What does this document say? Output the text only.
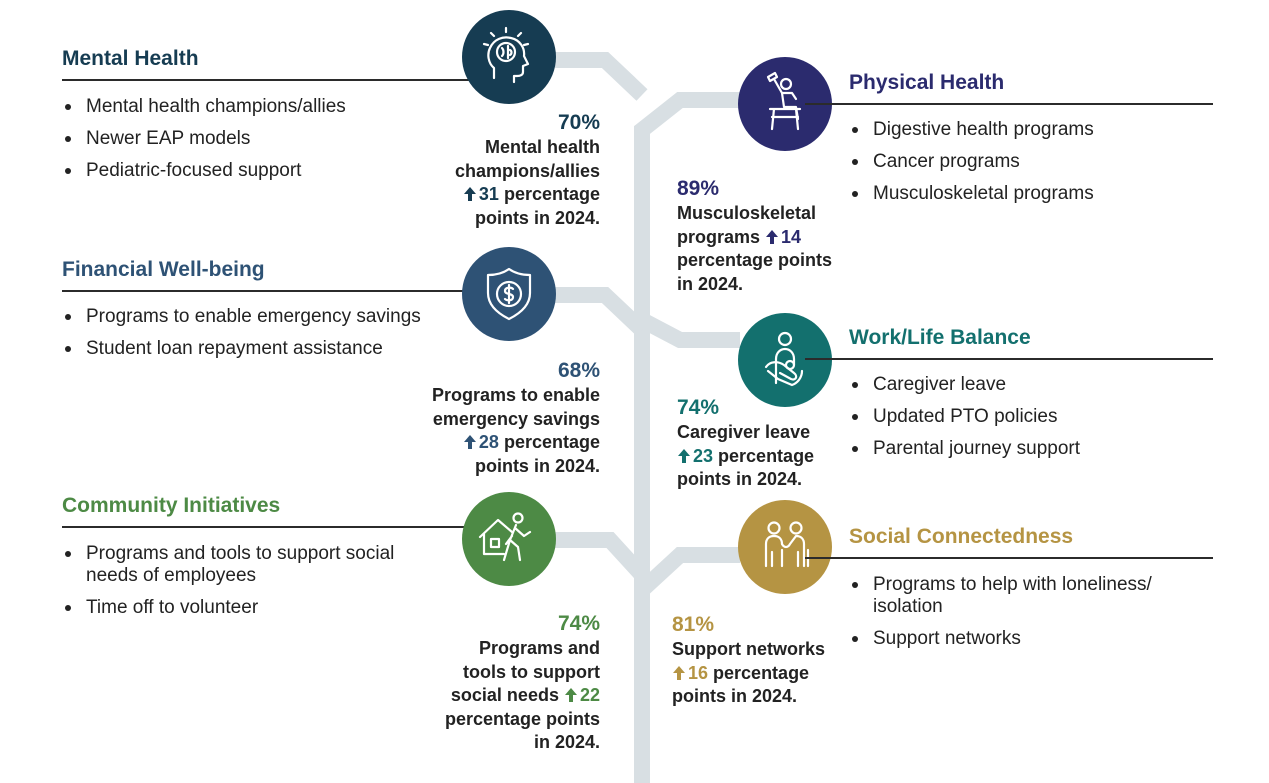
Mental Health
Mental health champions/allies
Newer EAP models
Pediatric-focused support
70%
Mental health
champions/allies
31 percentage
points in 2024.
Financial Well-being
Programs to enable emergency savings
Student loan repayment assistance
68%
Programs to enable
emergency savings
28 percentage
points in 2024.
Community Initiatives
Programs and tools to support social needs of employees
Time off to volunteer
74%
Programs and
tools to support
social needs 22
percentage points
in 2024.
Physical Health
Digestive health programs
Cancer programs
Musculoskeletal programs
89%
Musculoskeletal
programs 14
percentage points
in 2024.
Work/Life Balance
Caregiver leave
Updated PTO policies
Parental journey support
74%
Caregiver leave
23 percentage
points in 2024.
Social Connectedness
Programs to help with loneliness/ isolation
Support networks
81%
Support networks
16 percentage
points in 2024.
